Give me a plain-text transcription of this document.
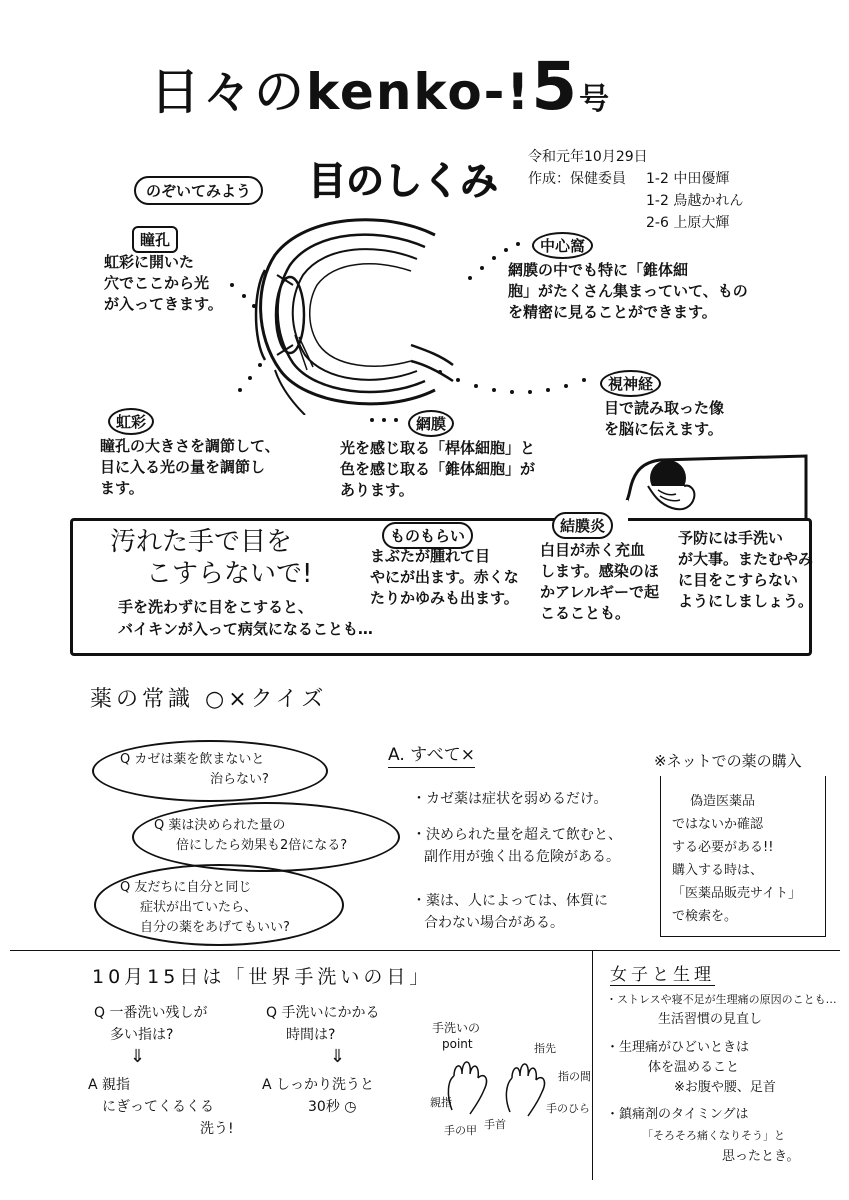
日々のkenko-!5号
令和元年10月29日
作成：保健委員	1-2 中田優輝
1-2 鳥越かれん
2-6 上原大輝
のぞいてみよう	目のしくみ
瞳孔
虹彩に開いた
穴でここから光
が入ってきます。
中心窩
網膜の中でも特に「錐体細
胞」がたくさん集まっていて、もの
を精密に見ることができます。
視神経
目で読み取った像
を脳に伝えます。
虹彩
瞳孔の大きさを調節して、
目に入る光の量を調節し
ます。
網膜
光を感じ取る「桿体細胞」と
色を感じ取る「錐体細胞」が
あります。
汚れた手で目を
こすらないで!
手を洗わずに目をこすると、
バイキンが入って病気になることも…
ものもらい
まぶたが腫れて目
やにが出ます。赤くな
たりかゆみも出ます。
結膜炎
白目が赤く充血
します。感染のほ
かアレルギーで起
こることも。
予防には手洗い
が大事。またむやみ
に目をこすらない
ようにしましょう。
薬の常識 ○×クイズ
Q カゼは薬を飲まないと
治らない?
Q 薬は決められた量の
倍にしたら効果も2倍になる?
Q 友だちに自分と同じ
症状が出ていたら、
自分の薬をあげてもいい?
A. すべて×
・カゼ薬は症状を弱めるだけ。
・決められた量を超えて飲むと、
副作用が強く出る危険がある。
・薬は、人によっては、体質に
合わない場合がある。
※ネットでの薬の購入
偽造医薬品
ではないか確認
する必要がある!!
購入する時は、
「医薬品販売サイト」
で検索を。
10月15日は「世界手洗いの日」
Q 一番洗い残しが
多い指は?
⇓
A 親指
にぎってくるくる
洗う!
Q 手洗いにかかる
時間は?
⇓
A しっかり洗うと
30秒 ◷
手洗いの
point
親指
指先
指の間
手のひら
手の甲 手首
女子と生理
・ストレスや寝不足が生理痛の原因のことも…
生活習慣の見直し
・生理痛がひどいときは
体を温めること
※お腹や腰、足首
・鎮痛剤のタイミングは
「そろそろ痛くなりそう」と
思ったとき。
